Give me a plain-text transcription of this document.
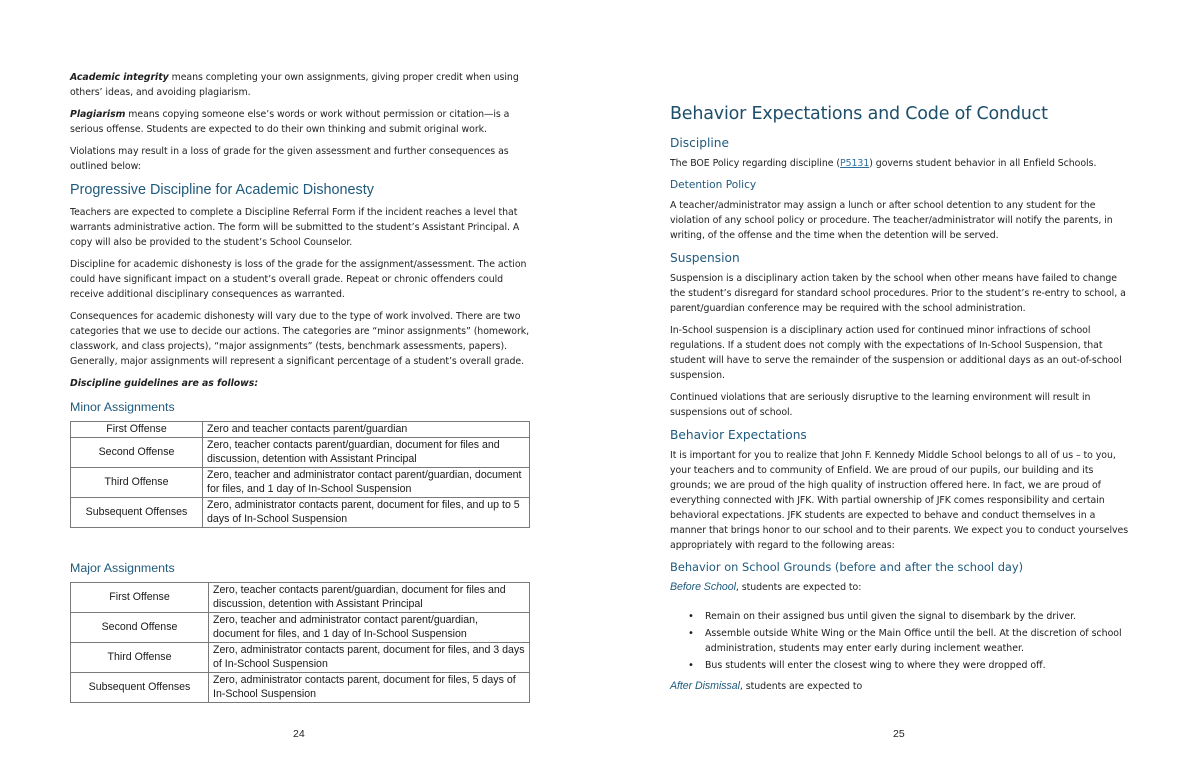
Academic integrity means completing your own assignments, giving proper credit when using others’ ideas, and avoiding plagiarism.

Plagiarism means copying someone else’s words or work without permission or citation—is a serious offense. Students are expected to do their own thinking and submit original work.

Violations may result in a loss of grade for the given assessment and further consequences as outlined below:

Progressive Discipline for Academic Dishonesty

Teachers are expected to complete a Discipline Referral Form if the incident reaches a level that warrants administrative action. The form will be submitted to the student’s Assistant Principal. A copy will also be provided to the student’s School Counselor.

Discipline for academic dishonesty is loss of the grade for the assignment/assessment. The action could have significant impact on a student’s overall grade. Repeat or chronic offenders could receive additional disciplinary consequences as warranted.

Consequences for academic dishonesty will vary due to the type of work involved. There are two categories that we use to decide our actions. The categories are “minor assignments” (homework, classwork, and class projects), “major assignments” (tests, benchmark assessments, papers). Generally, major assignments will represent a significant percentage of a student’s overall grade.

Discipline guidelines are as follows:

Minor Assignments
First Offense	Zero and teacher contacts parent/guardian
Second Offense	Zero, teacher contacts parent/guardian, document for files and discussion, detention with Assistant Principal
Third Offense	Zero, teacher and administrator contact parent/guardian, document for files, and 1 day of In-School Suspension
Subsequent Offenses	Zero, administrator contacts parent, document for files, and up to 5 days of In-School Suspension
Major Assignments
First Offense	Zero, teacher contacts parent/guardian, document for files and discussion, detention with Assistant Principal
Second Offense	Zero, teacher and administrator contact parent/guardian, document for files, and 1 day of In-School Suspension
Third Offense	Zero, administrator contacts parent, document for files, and 3 days of In-School Suspension
Subsequent Offenses	Zero, administrator contacts parent, document for files, 5 days of In-School Suspension
24
Behavior Expectations and Code of Conduct
Discipline

The BOE Policy regarding discipline (P5131) governs student behavior in all Enfield Schools.

Detention Policy

A teacher/administrator may assign a lunch or after school detention to any student for the violation of any school policy or procedure. The teacher/administrator will notify the parents, in writing, of the offense and the time when the detention will be served.

Suspension

Suspension is a disciplinary action taken by the school when other means have failed to change the student’s disregard for standard school procedures. Prior to the student’s re-entry to school, a parent/guardian conference may be required with the school administration.

In-School suspension is a disciplinary action used for continued minor infractions of school regulations. If a student does not comply with the expectations of In-School Suspension, that student will have to serve the remainder of the suspension or additional days as an out-of-school suspension.

Continued violations that are seriously disruptive to the learning environment will result in suspensions out of school.

Behavior Expectations

It is important for you to realize that John F. Kennedy Middle School belongs to all of us – to you, your teachers and to community of Enfield. We are proud of our pupils, our building and its grounds; we are proud of the high quality of instruction offered here. In fact, we are proud of everything connected with JFK. With partial ownership of JFK comes responsibility and certain behavioral expectations. JFK students are expected to behave and conduct themselves in a manner that brings honor to our school and to their parents. We expect you to conduct yourselves appropriately with regard to the following areas:

Behavior on School Grounds (before and after the school day)

Before School, students are expected to:

• Remain on their assigned bus until given the signal to disembark by the driver.
• Assemble outside White Wing or the Main Office until the bell. At the discretion of school administration, students may enter early during inclement weather.
• Bus students will enter the closest wing to where they were dropped off.

After Dismissal, students are expected to

25
